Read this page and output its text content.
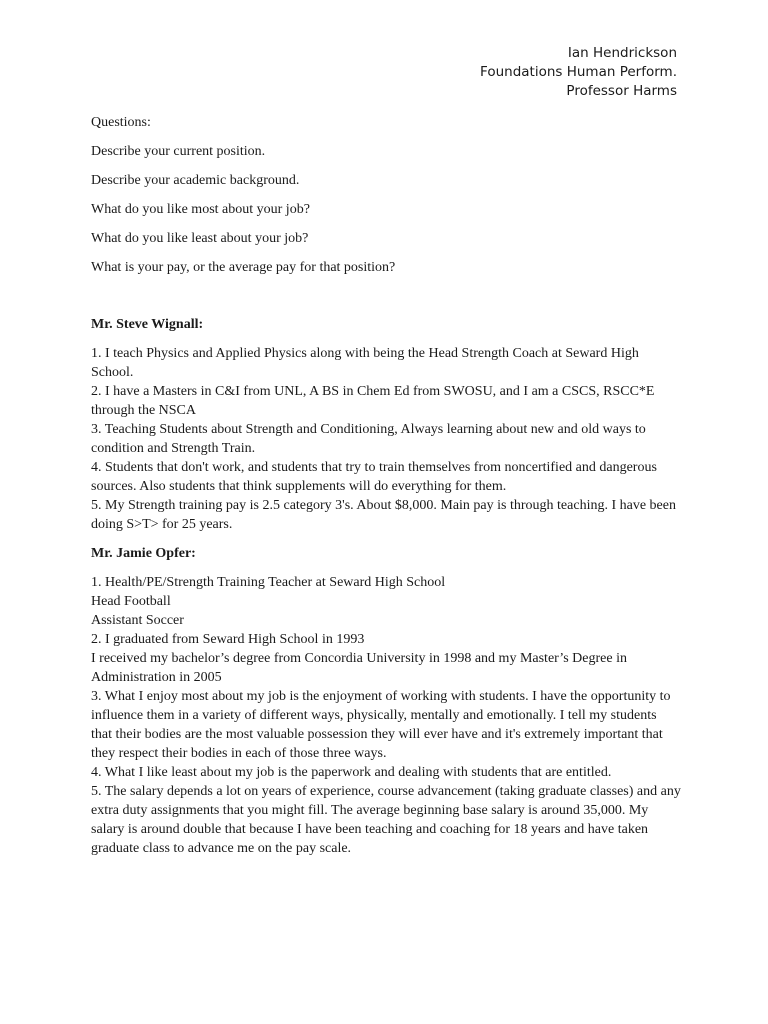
Ian Hendrickson
Foundations Human Perform.
Professor Harms
Questions:
Describe your current position.
Describe your academic background.
What do you like most about your job?
What do you like least about your job?
What is your pay, or the average pay for that position?
Mr. Steve Wignall:
1. I teach Physics and Applied Physics along with being the Head Strength Coach at Seward High School.
2. I have a Masters in C&I from UNL, A BS in Chem Ed from SWOSU, and I am a CSCS, RSCC*E through the NSCA
3. Teaching Students about Strength and Conditioning, Always learning about new and old ways to condition and Strength Train.
4. Students that don't work, and students that try to train themselves from noncertified and dangerous sources. Also students that think supplements will do everything for them.
5. My Strength training pay is 2.5 category 3's. About $8,000. Main pay is through teaching. I have been doing S>T> for 25 years.
Mr. Jamie Opfer:
1. Health/PE/Strength Training Teacher at Seward High School
Head Football
Assistant Soccer
2. I graduated from Seward High School in 1993
I received my bachelor’s degree from Concordia University in 1998 and my Master’s Degree in Administration in 2005
3. What I enjoy most about my job is the enjoyment of working with students. I have the opportunity to influence them in a variety of different ways, physically, mentally and emotionally. I tell my students that their bodies are the most valuable possession they will ever have and it's extremely important that they respect their bodies in each of those three ways.
4. What I like least about my job is the paperwork and dealing with students that are entitled.
5. The salary depends a lot on years of experience, course advancement (taking graduate classes) and any extra duty assignments that you might fill. The average beginning base salary is around 35,000. My salary is around double that because I have been teaching and coaching for 18 years and have taken graduate class to advance me on the pay scale.
